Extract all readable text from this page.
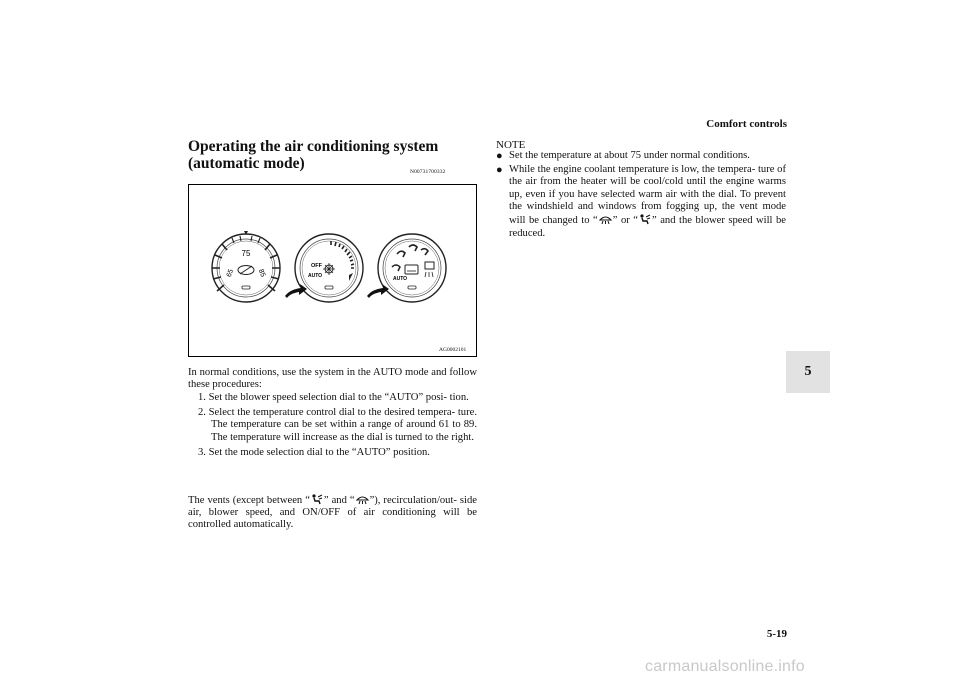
Comfort controls
5
5-19
Operating the air conditioning system (automatic mode)	N00731700332
75
65	85
OFF
AUTO	AUTO
AG0002101
In normal conditions, use the system in the AUTO mode and follow these procedures:
1. Set the blower speed selection dial to the “AUTO” posi- tion.
2. Select the temperature control dial to the desired tempera- ture. The temperature can be set within a range of around 61 to 89. The temperature will increase as the dial is turned to the right.
3. Set the mode selection dial to the “AUTO” position.
The vents (except between “ ” and “ ”), recirculation/out- side air, blower speed, and ON/OFF of air conditioning will be controlled automatically.
NOTE
● Set the temperature at about 75 under normal conditions.
● While the engine coolant temperature is low, the tempera- ture of the air from the heater will be cool/cold until the engine warms up, even if you have selected warm air with the dial. To prevent the windshield and windows from fogging up, the vent mode will be changed to “ ” or “ ” and the blower speed will be reduced.
carmanualsonline.info
